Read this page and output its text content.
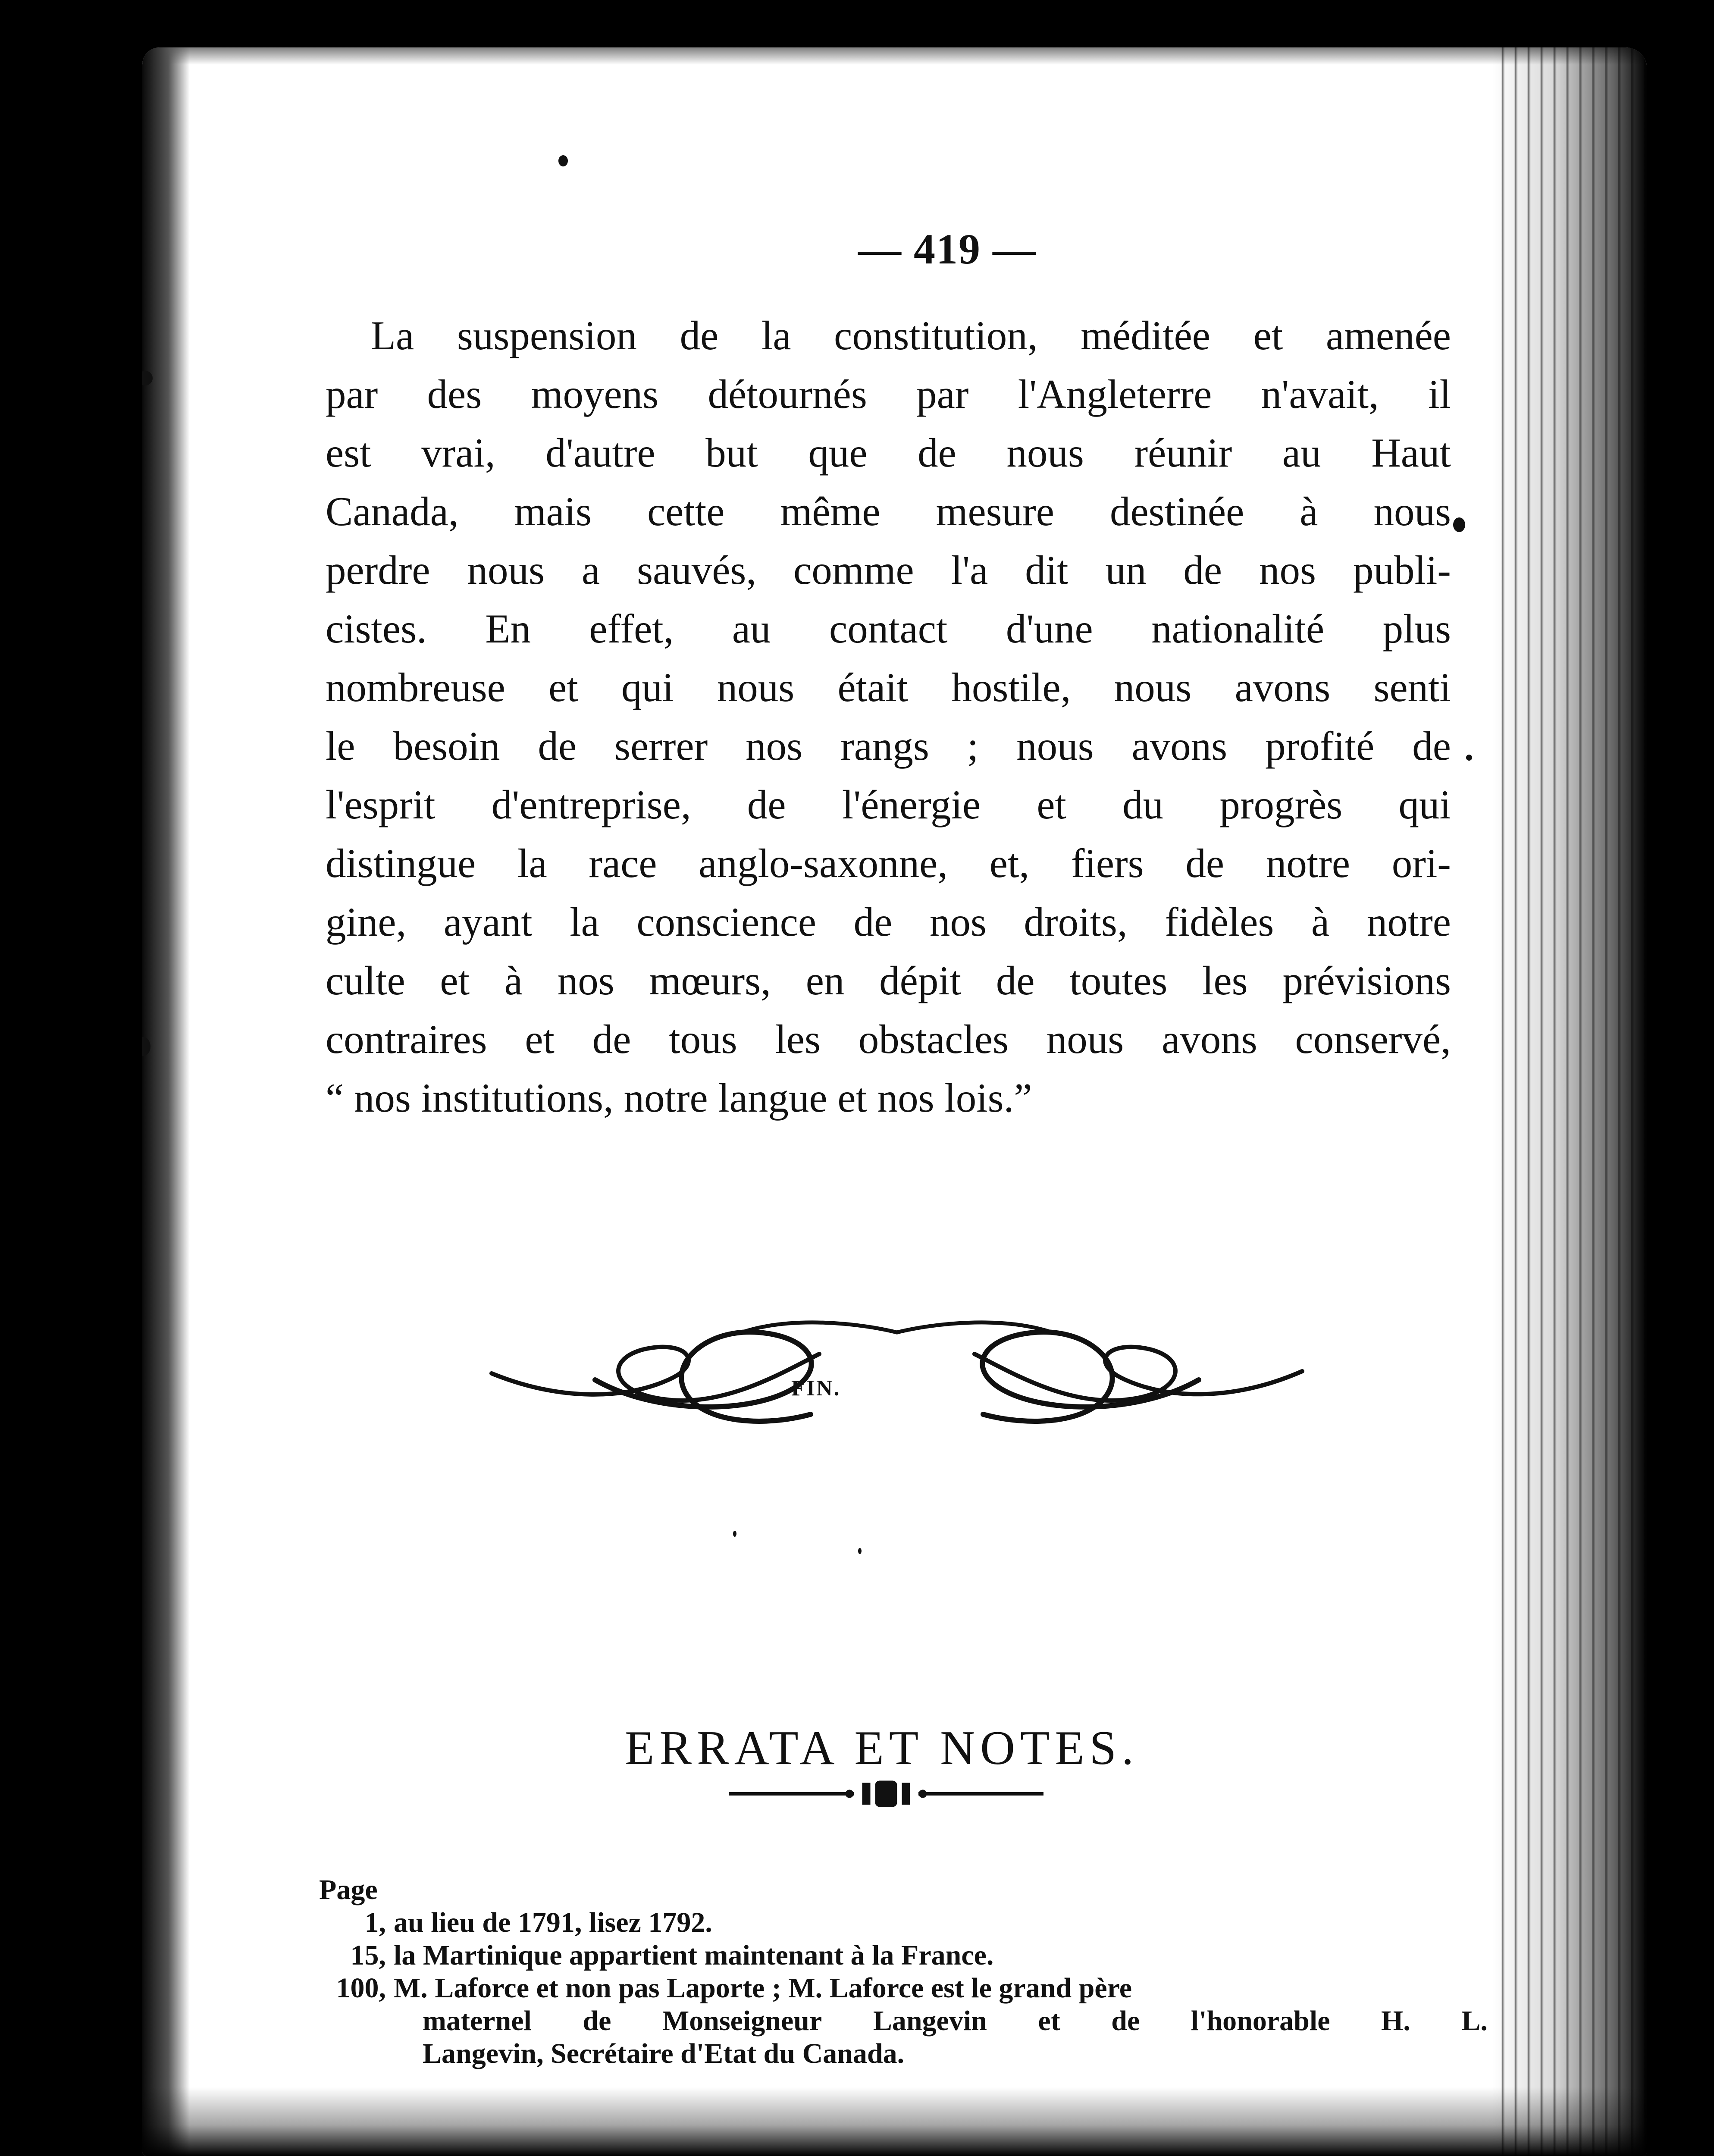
— 419 —
La suspension de la constitution, méditée et amenée
par des moyens détournés par l'Angleterre n'avait, il
est vrai, d'autre but que de nous réunir au Haut
Canada, mais cette même mesure destinée à nous
perdre nous a sauvés, comme l'a dit un de nos publi-
cistes. En effet, au contact d'une nationalité plus
nombreuse et qui nous était hostile, nous avons senti
le besoin de serrer nos rangs ; nous avons profité de
l'esprit d'entreprise, de l'énergie et du progrès qui
distingue la race anglo-saxonne, et, fiers de notre ori-
gine, ayant la conscience de nos droits, fidèles à notre
culte et à nos mœurs, en dépit de toutes les prévisions
contraires et de tous les obstacles nous avons conservé,
“ nos institutions, notre langue et nos lois.”
FIN.
ERRATA ET NOTES.
Page
1, au lieu de 1791, lisez 1792.
15, la Martinique appartient maintenant à la France.
100, M. Laforce et non pas Laporte ; M. Laforce est le grand père
maternel de Monseigneur Langevin et de l'honorable H. L.
Langevin, Secrétaire d'Etat du Canada.
